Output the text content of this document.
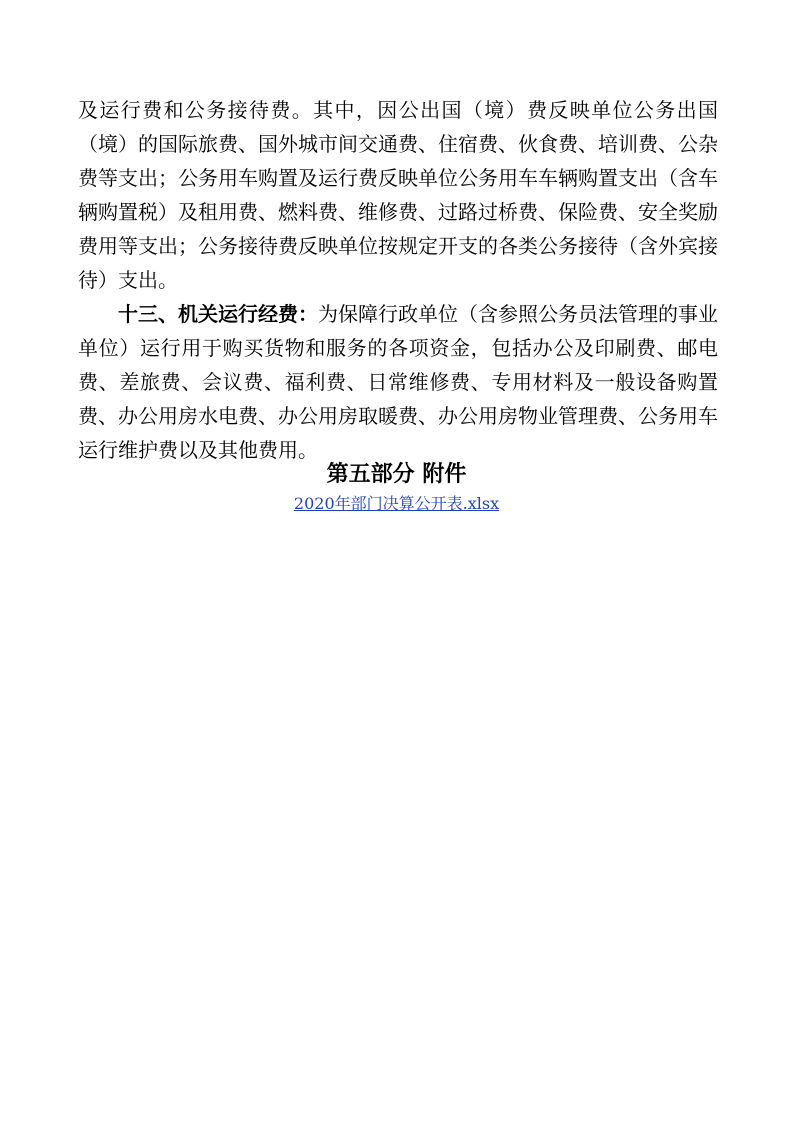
及运行费和公务接待费。其中，因公出国（境）费反映单位公务出国（境）的国际旅费、国外城市间交通费、住宿费、伙食费、培训费、公杂费等支出；公务用车购置及运行费反映单位公务用车车辆购置支出（含车辆购置税）及租用费、燃料费、维修费、过路过桥费、保险费、安全奖励费用等支出；公务接待费反映单位按规定开支的各类公务接待（含外宾接待）支出。

十三、机关运行经费：为保障行政单位（含参照公务员法管理的事业单位）运行用于购买货物和服务的各项资金，包括办公及印刷费、邮电费、差旅费、会议费、福利费、日常维修费、专用材料及一般设备购置费、办公用房水电费、办公用房取暖费、办公用房物业管理费、公务用车运行维护费以及其他费用。

第五部分 附件
2020年部门决算公开表.xlsx
